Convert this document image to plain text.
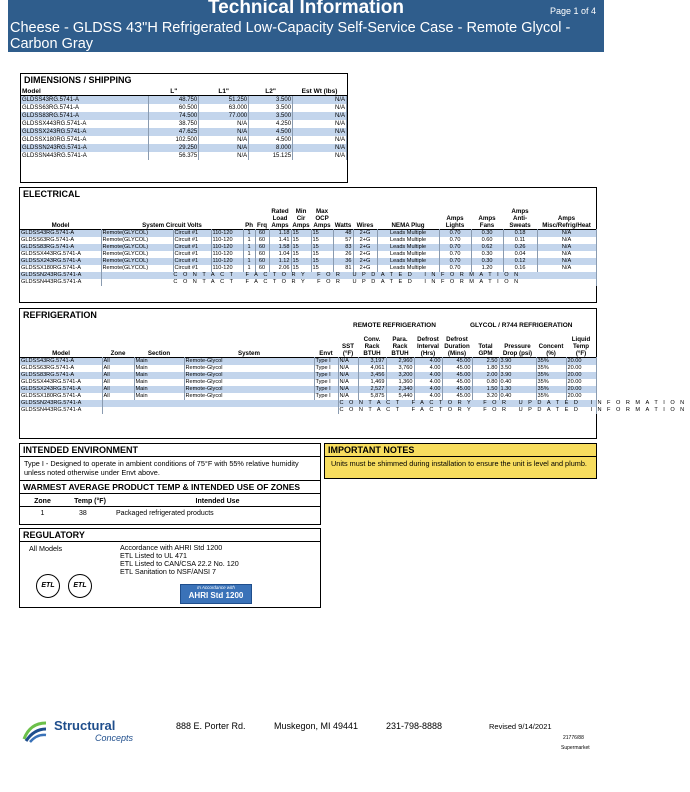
Technical Information	Page 1 of 4
Cheese - GLDSS 43"H Refrigerated Low-Capacity Self-Service Case - Remote Glycol - Carbon Gray
DIMENSIONS / SHIPPING
Model	L"	L1"	L2"	Est Wt (lbs)
GLDSS43RG.5741-A	48.750	51.250	3.500	N/A
GLDSS63RG.5741-A	60.500	63.000	3.500	N/A
GLDSS83RG.5741-A	74.500	77.000	3.500	N/A
GLDSSX443RG.5741-A	38.750	N/A	4.250	N/A
GLDSSX243RG.5741-A	47.625	N/A	4.500	N/A
GLDSSX180RG.5741-A	102.500	N/A	4.500	N/A
GLDSSN243RG.5741-A	29.250	N/A	8.000	N/A
GLDSSN443RG.5741-A	56.375	N/A	15.125	N/A
ELECTRICAL
Model	System Circuit Volts			Ph	Frq	Rated Load Amps	Min Cir Amps	Max OCP Amps	Watts	Wires	NEMA Plug	Amps Lights	Amps Fans	Amps Anti-Sweats	Amps Misc/Refrig/Heat
GLDSS43RG.5741-A	Remote(GLYCOL)	Circuit #1	110-120	1	60	1.18	15	15	48	2+G	Leads Multiple	0.70	0.30	0.18	N/A
GLDSS63RG.5741-A	Remote(GLYCOL)	Circuit #1	110-120	1	60	1.41	15	15	57	2+G	Leads Multiple	0.70	0.60	0.11	N/A
GLDSS83RG.5741-A	Remote(GLYCOL)	Circuit #1	110-120	1	60	1.58	15	15	83	2+G	Leads Multiple	0.70	0.62	0.26	N/A
GLDSSX443RG.5741-A	Remote(GLYCOL)	Circuit #1	110-120	1	60	1.04	15	15	26	2+G	Leads Multiple	0.70	0.30	0.04	N/A
GLDSSX243RG.5741-A	Remote(GLYCOL)	Circuit #1	110-120	1	60	1.12	15	15	36	2+G	Leads Multiple	0.70	0.30	0.12	N/A
GLDSSX180RG.5741-A	Remote(GLYCOL)	Circuit #1	110-120	1	60	2.06	15	15	81	2+G	Leads Multiple	0.70	1.20	0.16	N/A
GLDSSN243RG.5741-A	CONTACT FACTORY FOR UPDATED INFORMATION														
GLDSSN443RG.5741-A	CONTACT FACTORY FOR UPDATED INFORMATION														
REFRIGERATION
REMOTE REFRIGERATION	GLYCOL / R744 REFRIGERATION
Model	Zone	Section	System	Envt	SST (°F)	Conv. Rack BTUH	Para. Rack BTUH	Defrost Interval (Hrs)	Defrost Duration (Mins)	Total GPM	Pressure Drop (psi)	Concent (%)	Liquid Temp (°F)
GLDSS43RG.5741-A	All	Main	Remote-Glycol	Type I	N/A	3,197	2,960	4.00	45.00	2.50	3.90	35%	20.00
GLDSS63RG.5741-A	All	Main	Remote-Glycol	Type I	N/A	4,061	3,760	4.00	45.00	1.80	3.50	35%	20.00
GLDSS83RG.5741-A	All	Main	Remote-Glycol	Type I	N/A	3,456	3,200	4.00	45.00	2.00	3.90	35%	20.00
GLDSSX443RG.5741-A	All	Main	Remote-Glycol	Type I	N/A	1,469	1,360	4.00	45.00	0.80	0.40	35%	20.00
GLDSSX243RG.5741-A	All	Main	Remote-Glycol	Type I	N/A	2,527	2,340	4.00	45.00	1.50	1.30	35%	20.00
GLDSSX180RG.5741-A	All	Main	Remote-Glycol	Type I	N/A	5,875	5,440	4.00	45.00	3.20	0.40	35%	20.00
GLDSSN243RG.5741-A					CONTACT FACTORY FOR UPDATED INFORMATION								
GLDSSN443RG.5741-A					CONTACT FACTORY FOR UPDATED INFORMATION								
INTENDED ENVIRONMENT
Type I - Designed to operate in ambient conditions of 75°F with 55% relative humidity unless noted otherwise under Envt above.
IMPORTANT NOTES
Units must be shimmed during installation to ensure the unit is level and plumb.
WARMEST AVERAGE PRODUCT TEMP & INTENDED USE OF ZONES
Zone	Temp (°F)	Intended Use
1	38	Packaged refrigerated products
REGULATORY
All Models	Accordance with AHRI Std 1200
ETL Listed to UL 471
ETL Listed to CAN/CSA 22.2 No. 120
ETL Sanitation to NSF/ANSI 7
In Accordance with
AHRI Std 1200
ETL	ETL
Structural
Concepts
888 E. Porter Rd.	Muskegon, MI 49441	231-798-8888	Revised 9/14/2021
21776/88
Supermarket
